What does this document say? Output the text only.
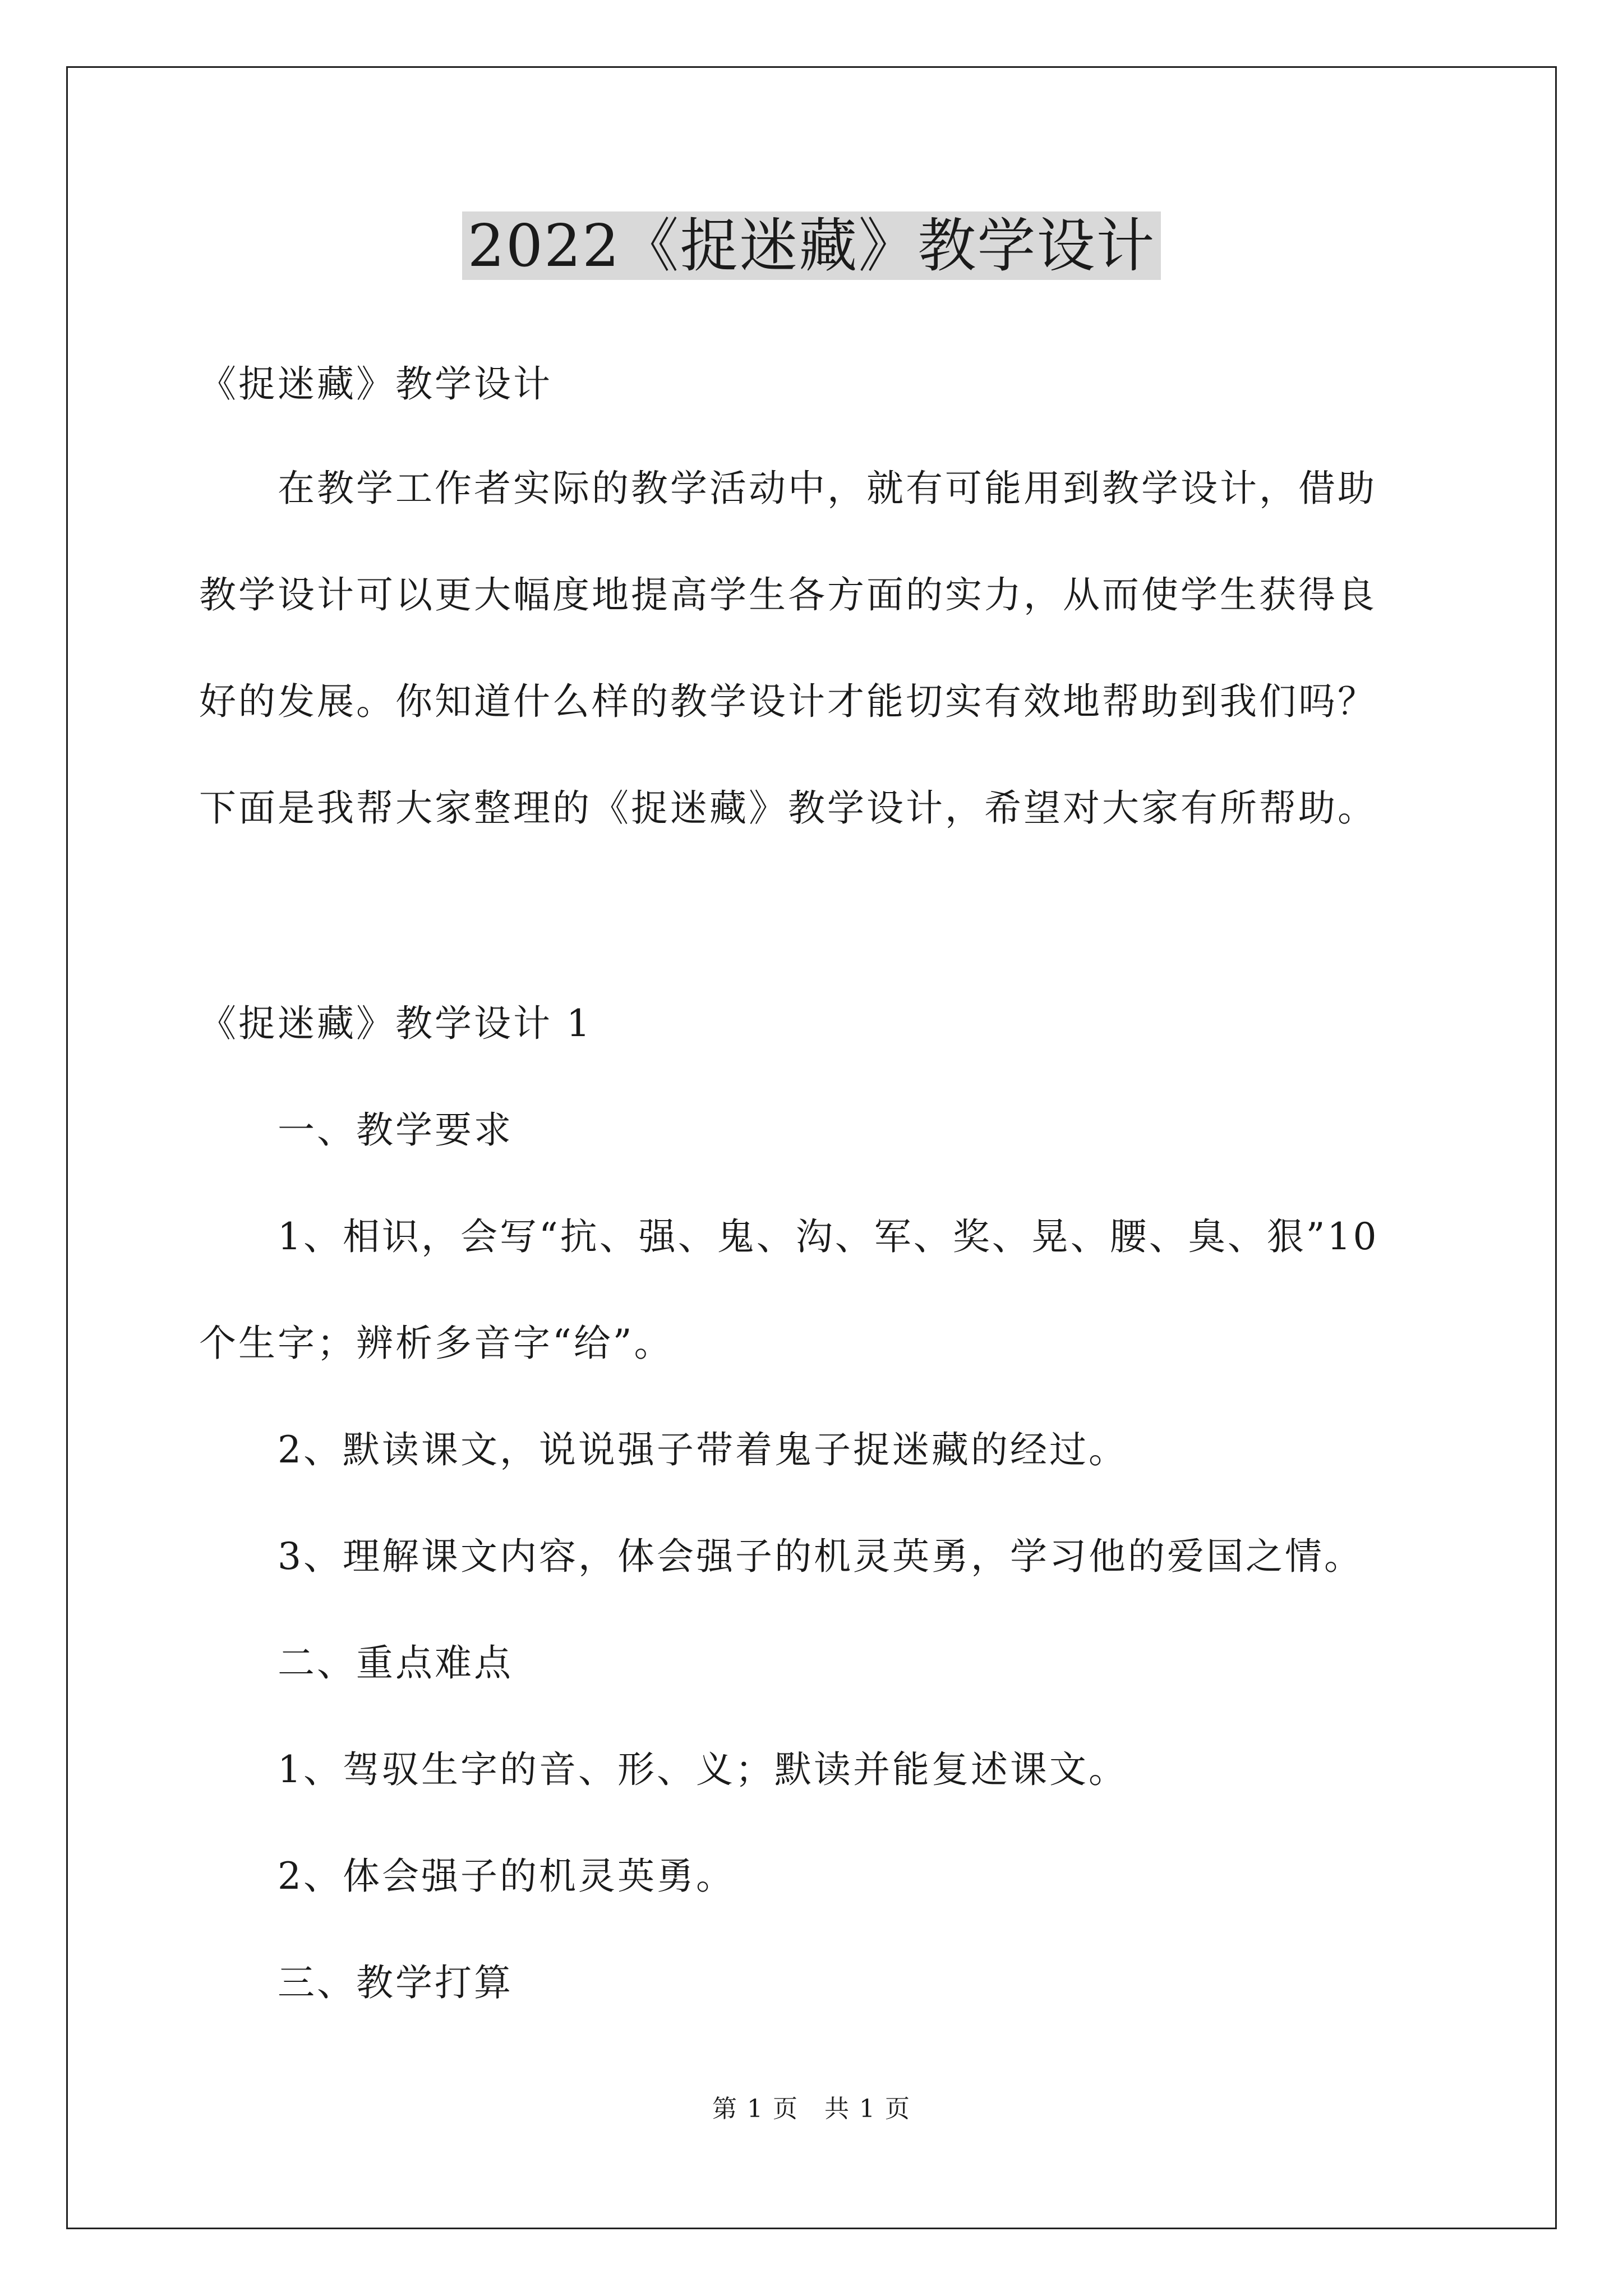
2022《捉迷藏》教学设计
《捉迷藏》教学设计
在教学工作者实际的教学活动中，就有可能用到教学设计，借助
教学设计可以更大幅度地提高学生各方面的实力，从而使学生获得良
好的发展。你知道什么样的教学设计才能切实有效地帮助到我们吗？
下面是我帮大家整理的《捉迷藏》教学设计，希望对大家有所帮助。
《捉迷藏》教学设计 1
一、教学要求
1、相识，会写“抗、强、鬼、沟、军、奖、晃、腰、臭、狠”10
个生字；辨析多音字“给”。
2、默读课文，说说强子带着鬼子捉迷藏的经过。
3、理解课文内容，体会强子的机灵英勇，学习他的爱国之情。
二、重点难点
1、驾驭生字的音、形、义；默读并能复述课文。
2、体会强子的机灵英勇。
三、教学打算
第 1 页　共 1 页
